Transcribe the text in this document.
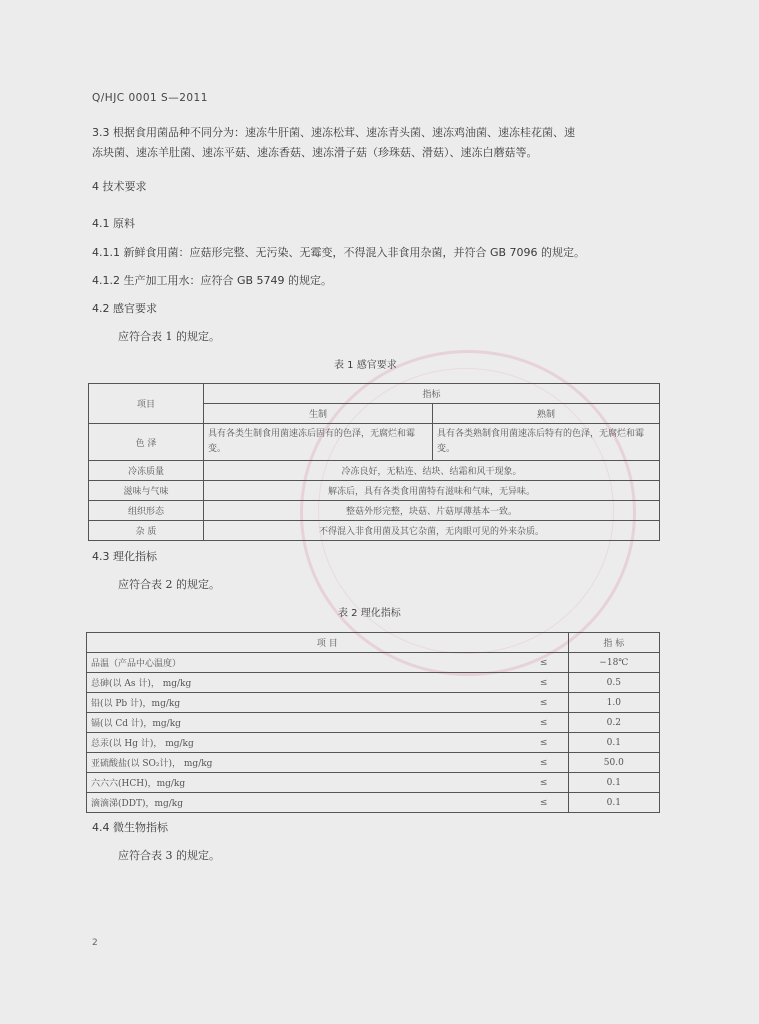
Q/HJC 0001 S—2011
3.3 根据食用菌品种不同分为：速冻牛肝菌、速冻松茸、速冻青头菌、速冻鸡油菌、速冻桂花菌、速
冻块菌、速冻羊肚菌、速冻平菇、速冻香菇、速冻滑子菇（珍珠菇、滑菇）、速冻白蘑菇等。
4 技术要求
4.1 原料
4.1.1 新鲜食用菌：应菇形完整、无污染、无霉变，不得混入非食用杂菌，并符合 GB 7096 的规定。
4.1.2 生产加工用水：应符合 GB 5749 的规定。
4.2 感官要求
应符合表 1 的规定。
表 1 感官要求
项目	指标	
	生制	熟制
色 泽	具有各类生制食用菌速冻后固有的色泽，无腐烂和霉变。	具有各类熟制食用菌速冻后特有的色泽，无腐烂和霉变。
冷冻质量	冷冻良好，无粘连、结块、结霜和风干现象。	
滋味与气味	解冻后，具有各类食用菌特有滋味和气味，无异味。	
组织形态	整菇外形完整，块菇、片菇厚薄基本一致。	
杂 质	不得混入非食用菌及其它杂菌，无肉眼可见的外来杂质。	
4.3 理化指标
应符合表 2 的规定。
表 2 理化指标
项 目		指 标
品温（产品中心温度）	≤	−18℃
总砷(以 As 计)， mg/kg	≤	0.5
铅(以 Pb 计)，mg/kg	≤	1.0
镉(以 Cd 计)，mg/kg	≤	0.2
总汞(以 Hg 计)， mg/kg	≤	0.1
亚硫酸盐(以 SO₂计)， mg/kg	≤	50.0
六六六(HCH)，mg/kg	≤	0.1
滴滴涕(DDT)，mg/kg	≤	0.1
4.4 微生物指标
应符合表 3 的规定。
2
